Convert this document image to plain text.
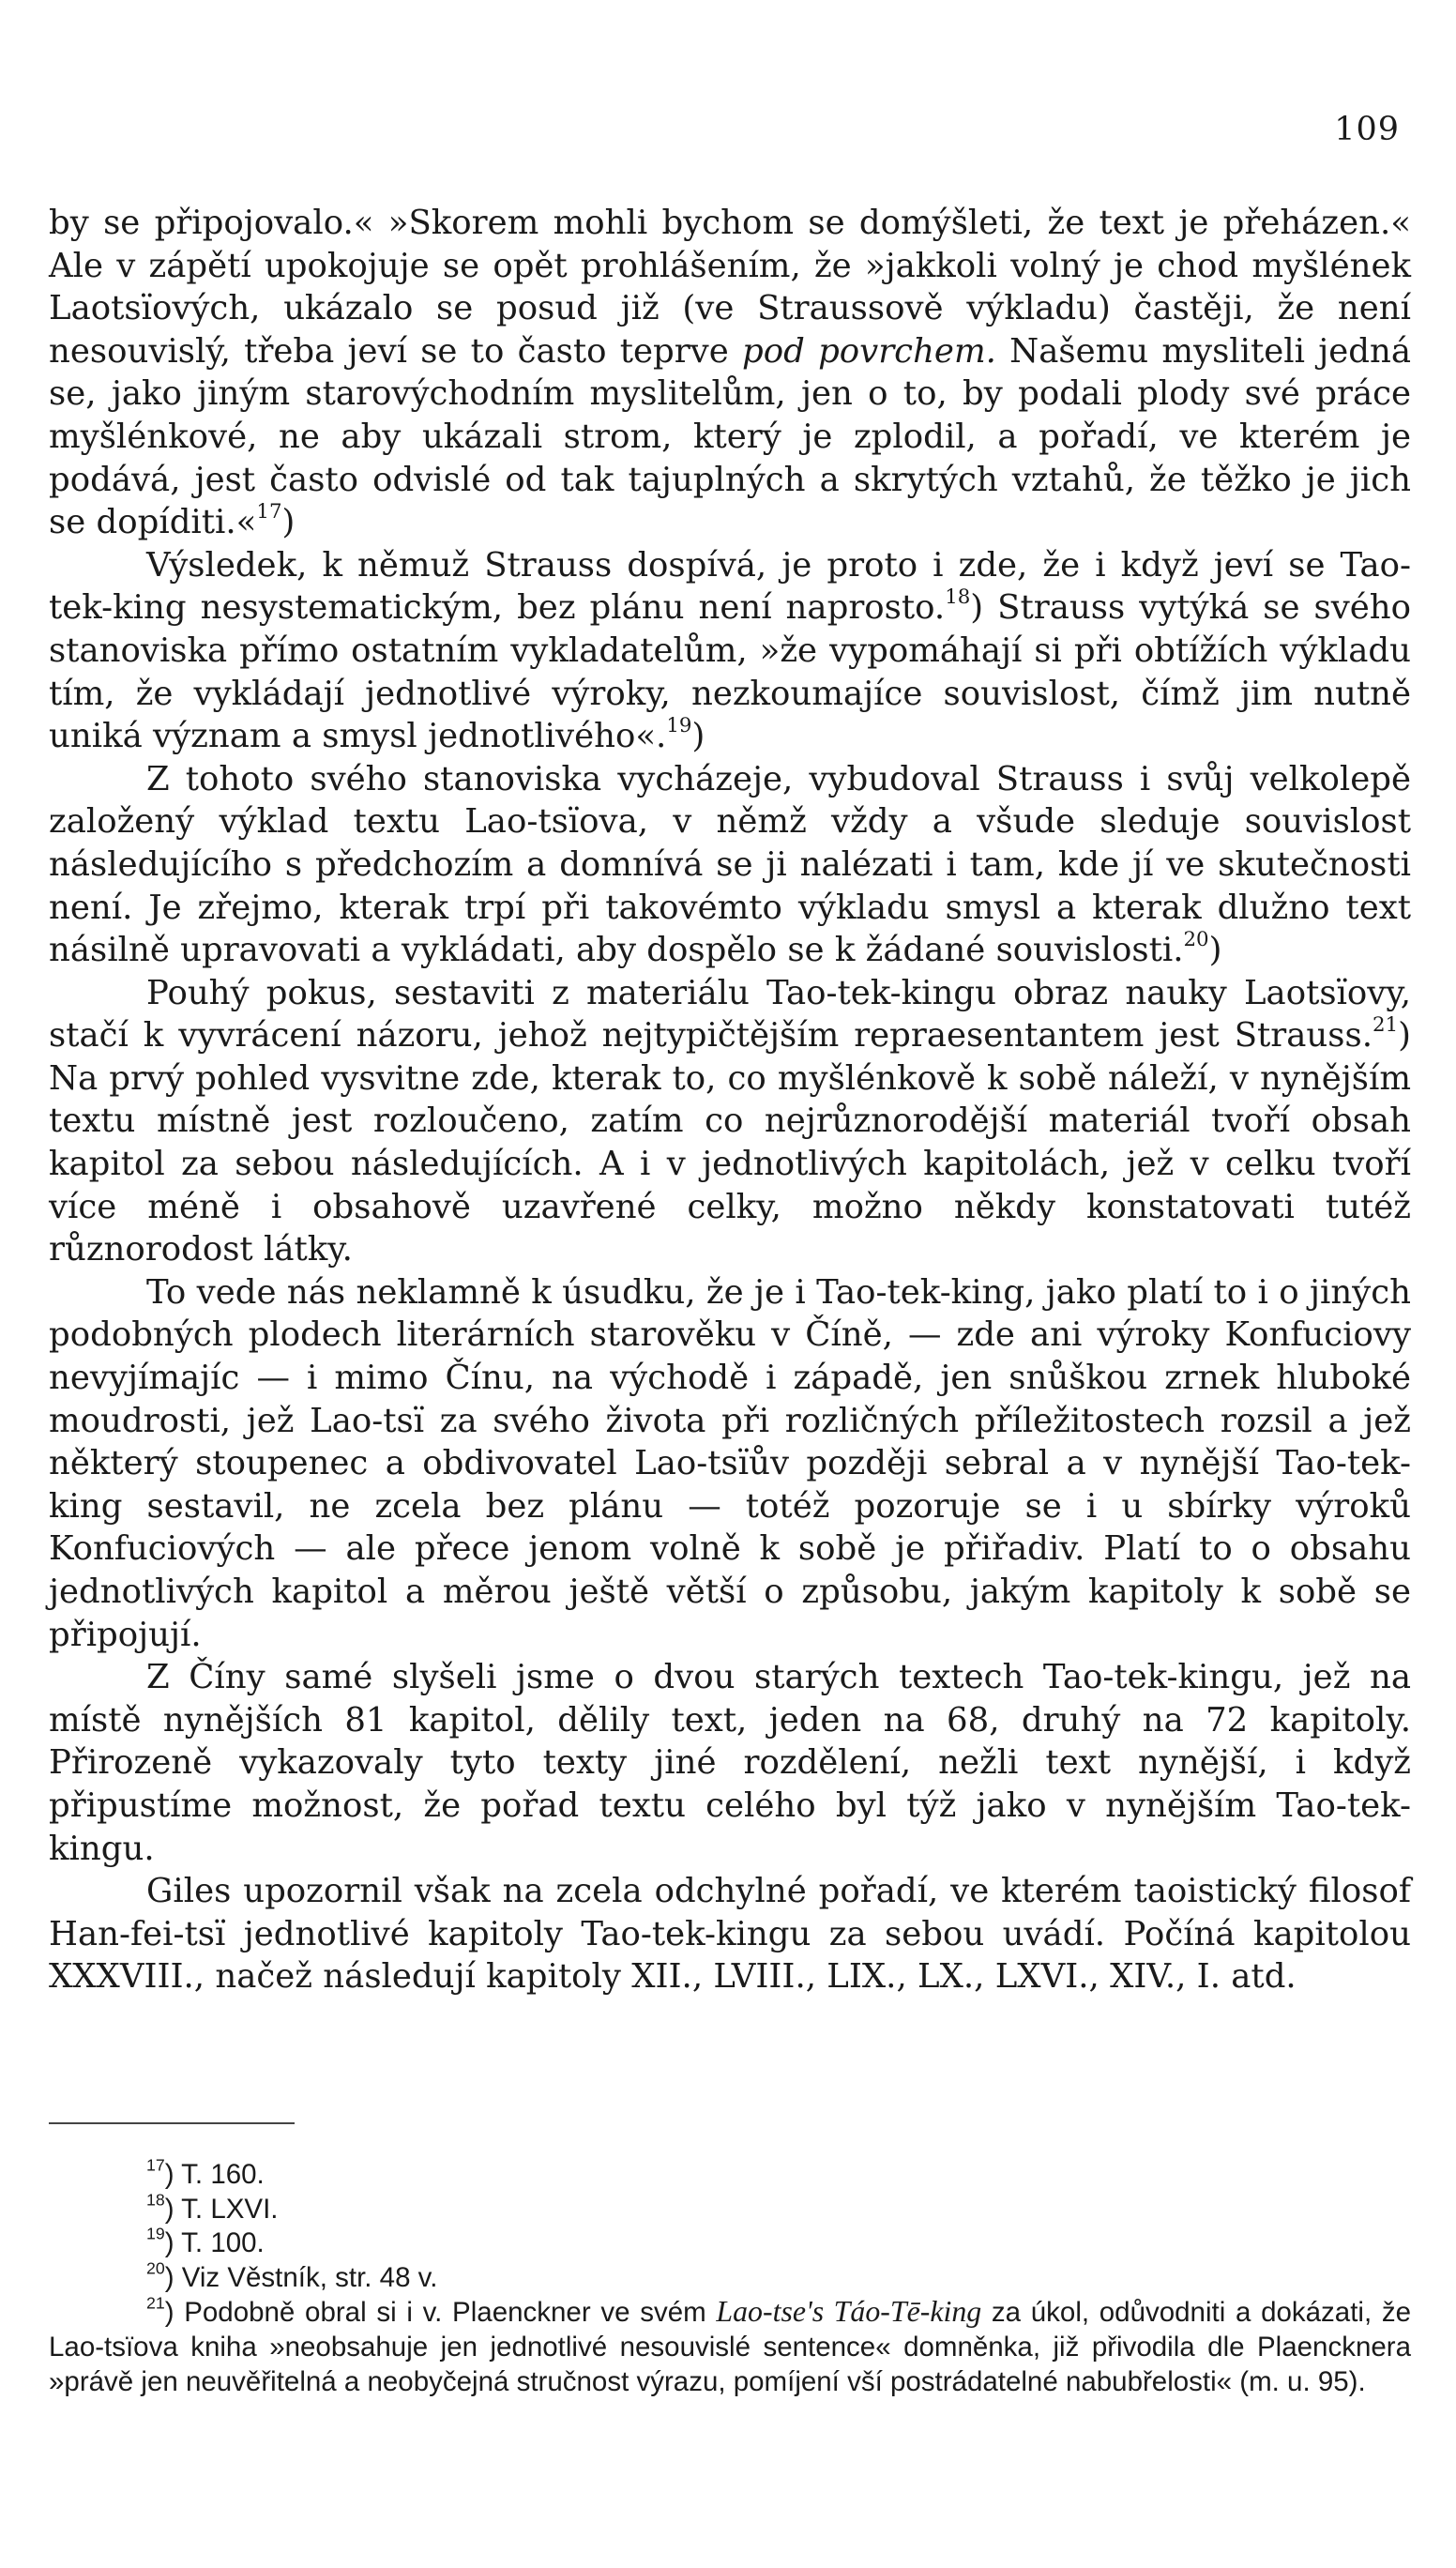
109

by se připojovalo.« »Skorem mohli bychom se domýšleti, že text je přeházen.« Ale v zápětí upokojuje se opět prohlášením, že »jakkoli volný je chod myšlének Laotsïových, ukázalo se posud již (ve Straussově výkladu) častěji, že není nesouvislý, třeba jeví se to často teprve pod povrchem. Našemu mysliteli jedná se, jako jiným starovýchodním myslitelům, jen o to, by podali plody své práce myšlénkové, ne aby ukázali strom, který je zplodil, a pořadí, ve kterém je podává, jest často odvislé od tak tajuplných a skrytých vztahů, že těžko je jich se dopíditi.«$^{17}$)

Výsledek, k němuž Strauss dospívá, je proto i zde, že i když jeví se Tao-tek-king nesystematickým, bez plánu není naprosto.$^{18}$) Strauss vytýká se svého stanoviska přímo ostatním vykladatelům, »že vypomáhají si při obtížích výkladu tím, že vykládají jednotlivé výroky, nezkoumajíce souvislost, čímž jim nutně uniká význam a smysl jednotlivého«.$^{19}$)

Z tohoto svého stanoviska vycházeje, vybudoval Strauss i svůj velkolepě založený výklad textu Lao-tsïova, v němž vždy a všude sleduje souvislost následujícího s předchozím a domnívá se ji nalézati i tam, kde jí ve skutečnosti není. Je zřejmo, kterak trpí při takovémto výkladu smysl a kterak dlužno text násilně upravovati a vykládati, aby dospělo se k žádané souvislosti.$^{20}$)

Pouhý pokus, sestaviti z materiálu Tao-tek-kingu obraz nauky Laotsïovy, stačí k vyvrácení názoru, jehož nejtypičtějším repraesentantem jest Strauss.$^{21}$) Na prvý pohled vysvitne zde, kterak to, co myšlénkově k sobě náleží, v nynějším textu místně jest rozloučeno, zatím co nejrůznorodější materiál tvoří obsah kapitol za sebou následujících. A i v jednotlivých kapitolách, jež v celku tvoří více méně i obsahově uzavřené celky, možno někdy konstatovati tutéž různorodost látky.

To vede nás neklamně k úsudku, že je i Tao-tek-king, jako platí to i o jiných podobných plodech literárních starověku v Číně, — zde ani výroky Konfuciovy nevyjímajíc — i mimo Čínu, na východě i západě, jen snůškou zrnek hluboké moudrosti, jež Lao-tsï za svého života při rozličných příležitostech rozsil a jež některý stoupenec a obdivovatel Lao-tsïův později sebral a v nynější Tao-tek-king sestavil, ne zcela bez plánu — totéž pozoruje se i u sbírky výroků Konfuciových — ale přece jenom volně k sobě je přiřadiv. Platí to o obsahu jednotlivých kapitol a měrou ještě větší o způsobu, jakým kapitoly k sobě se připojují.

Z Číny samé slyšeli jsme o dvou starých textech Tao-tek-kingu, jež na místě nynějších 81 kapitol, dělily text, jeden na 68, druhý na 72 kapitoly. Přirozeně vykazovaly tyto texty jiné rozdělení, nežli text nynější, i když připustíme možnost, že pořad textu celého byl týž jako v nynějším Tao-tek-kingu.

Giles upozornil však na zcela odchylné pořadí, ve kterém taoistický filosof Han-fei-tsï jednotlivé kapitoly Tao-tek-kingu za sebou uvádí. Počíná kapitolou XXXVIII., načež následují kapitoly XII., LVIII., LIX., LX., LXVI., XIV., I. atd.

$^{17}$) T. 160.

$^{18}$) T. LXVI.

$^{19}$) T. 100.

$^{20}$) Viz Věstník, str. 48 v.

$^{21}$) Podobně obral si i v. Plaenckner ve svém Lao-tse's Táo-Tē-king za úkol, odůvodniti a dokázati, že Lao-tsïova kniha »neobsahuje jen jednotlivé nesouvislé sentence« domněnka, již přivodila dle Plaencknera »právě jen neuvěřitelná a neobyčejná stručnost výrazu, pomíjení vší postrádatelné nabubřelosti« (m. u. 95).
